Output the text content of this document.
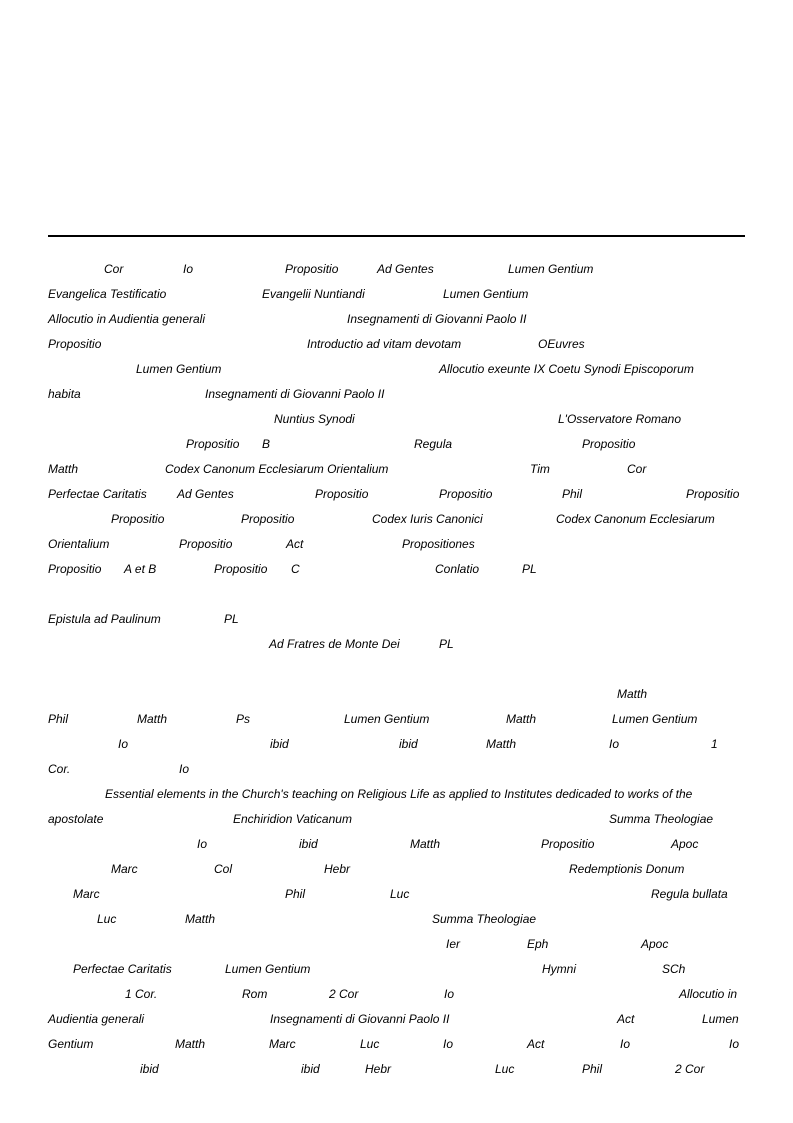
Cor	Io	Propositio	Ad Gentes	Lumen Gentium
Evangelica Testificatio	Evangelii Nuntiandi	Lumen Gentium
Allocutio in Audientia generali	Insegnamenti di Giovanni Paolo II
Propositio	Introductio ad vitam devotam	OEuvres
Lumen Gentium	Allocutio exeunte IX Coetu Synodi Episcoporum
habita	Insegnamenti di Giovanni Paolo II
Nuntius Synodi	L'Osservatore Romano
Propositio B	Regula	Propositio
Matth	Codex Canonum Ecclesiarum Orientalium	Tim	Cor
Perfectae Caritatis	Ad Gentes	Propositio	Propositio	Phil	Propositio
Propositio	Propositio	Codex Iuris Canonici	Codex Canonum Ecclesiarum
Orientalium	Propositio	Act	Propositiones
Propositio A et B	Propositio C	Conlatio	PL
Epistula ad Paulinum	PL
Ad Fratres de Monte Dei	PL
Matth
Phil	Matth	Ps	Lumen Gentium	Matth	Lumen Gentium
Io	ibid	ibid	Matth	Io	1
Cor.	Io
Essential elements in the Church's teaching on Religious Life as applied to Institutes dedicaded to works of the
apostolate	Enchiridion Vaticanum	Summa Theologiae
Io	ibid	Matth	Propositio	Apoc
Marc	Col	Hebr	Redemptionis Donum
Marc	Phil	Luc	Regula bullata
Luc	Matth	Summa Theologiae
Ier	Eph	Apoc
Perfectae Caritatis	Lumen Gentium	Hymni	SCh
1 Cor.	Rom	2 Cor	Io	Allocutio in
Audientia generali	Insegnamenti di Giovanni Paolo II	Act	Lumen
Gentium	Matth	Marc	Luc	Io	Act	Io	Io
ibid	ibid	Hebr	Luc	Phil	2 Cor
